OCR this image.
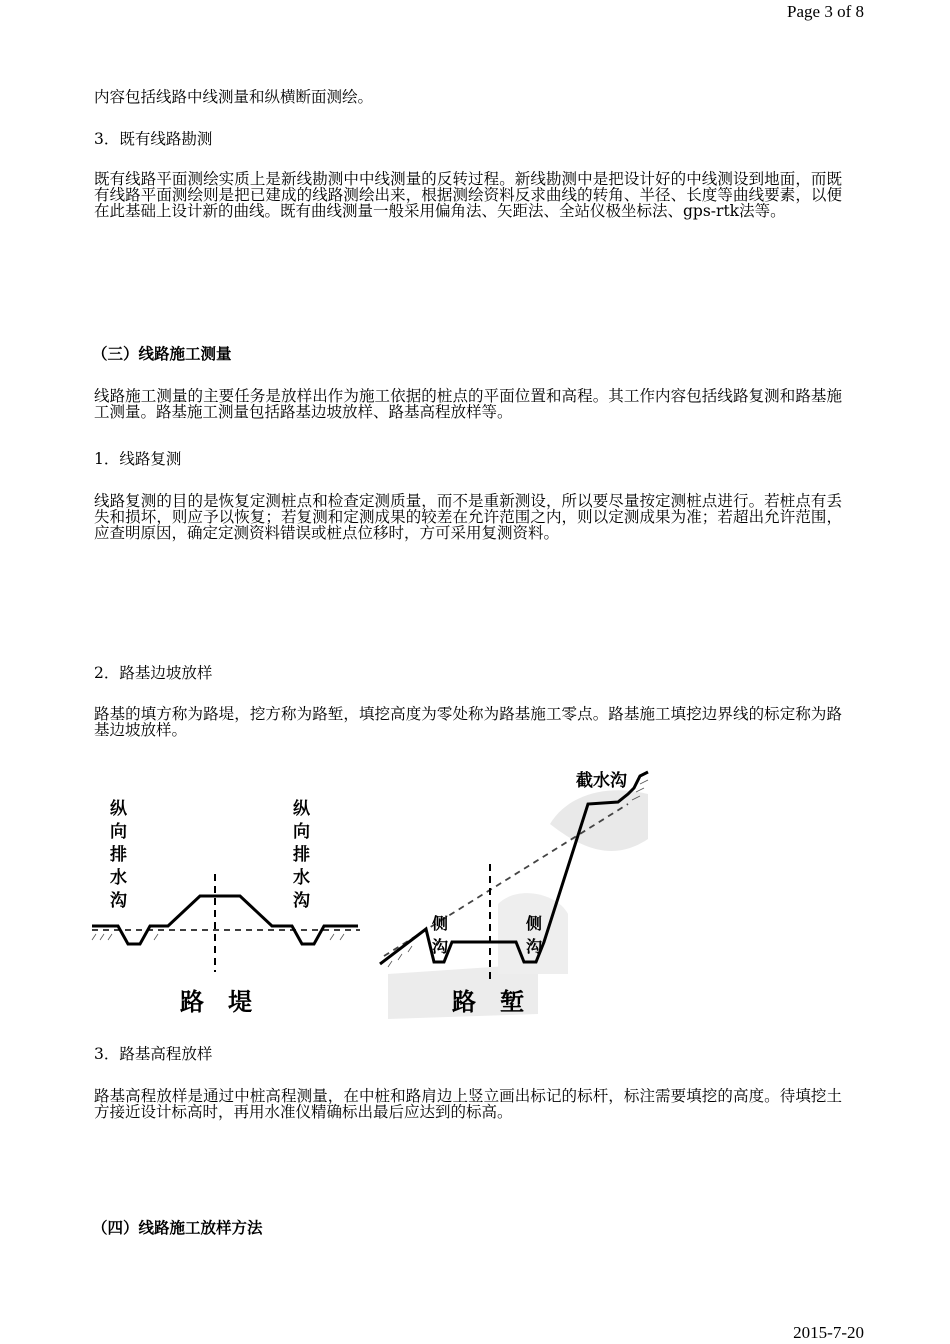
Page 3 of 8
内容包括线路中线测量和纵横断面测绘。
3．既有线路勘测
既有线路平面测绘实质上是新线勘测中中线测量的反转过程。新线勘测中是把设计好的中线测设到地面，而既有线路平面测绘则是把已建成的线路测绘出来，根据测绘资料反求曲线的转角、半径、长度等曲线要素，以便在此基础上设计新的曲线。既有曲线测量一般采用偏角法、矢距法、全站仪极坐标法、gps-rtk法等。
（三）线路施工测量
线路施工测量的主要任务是放样出作为施工依据的桩点的平面位置和高程。其工作内容包括线路复测和路基施工测量。路基施工测量包括路基边坡放样、路基高程放样等。
1．线路复测
线路复测的目的是恢复定测桩点和检查定测质量，而不是重新测设，所以要尽量按定测桩点进行。若桩点有丢失和损坏，则应予以恢复；若复测和定测成果的较差在允许范围之内，则以定测成果为准；若超出允许范围，应查明原因，确定定测资料错误或桩点位移时，方可采用复测资料。
2．路基边坡放样
路基的填方称为路堤，挖方称为路堑，填挖高度为零处称为路基施工零点。路基施工填挖边界线的标定称为路基边坡放样。
纵
向
排
水
沟
纵
向
排
水
沟
路　堤
截水沟
侧
沟
侧
沟
路　堑
3．路基高程放样
路基高程放样是通过中桩高程测量，在中桩和路肩边上竖立画出标记的标杆，标注需要填挖的高度。待填挖土方接近设计标高时，再用水准仪精确标出最后应达到的标高。
（四）线路施工放样方法
2015-7-20
